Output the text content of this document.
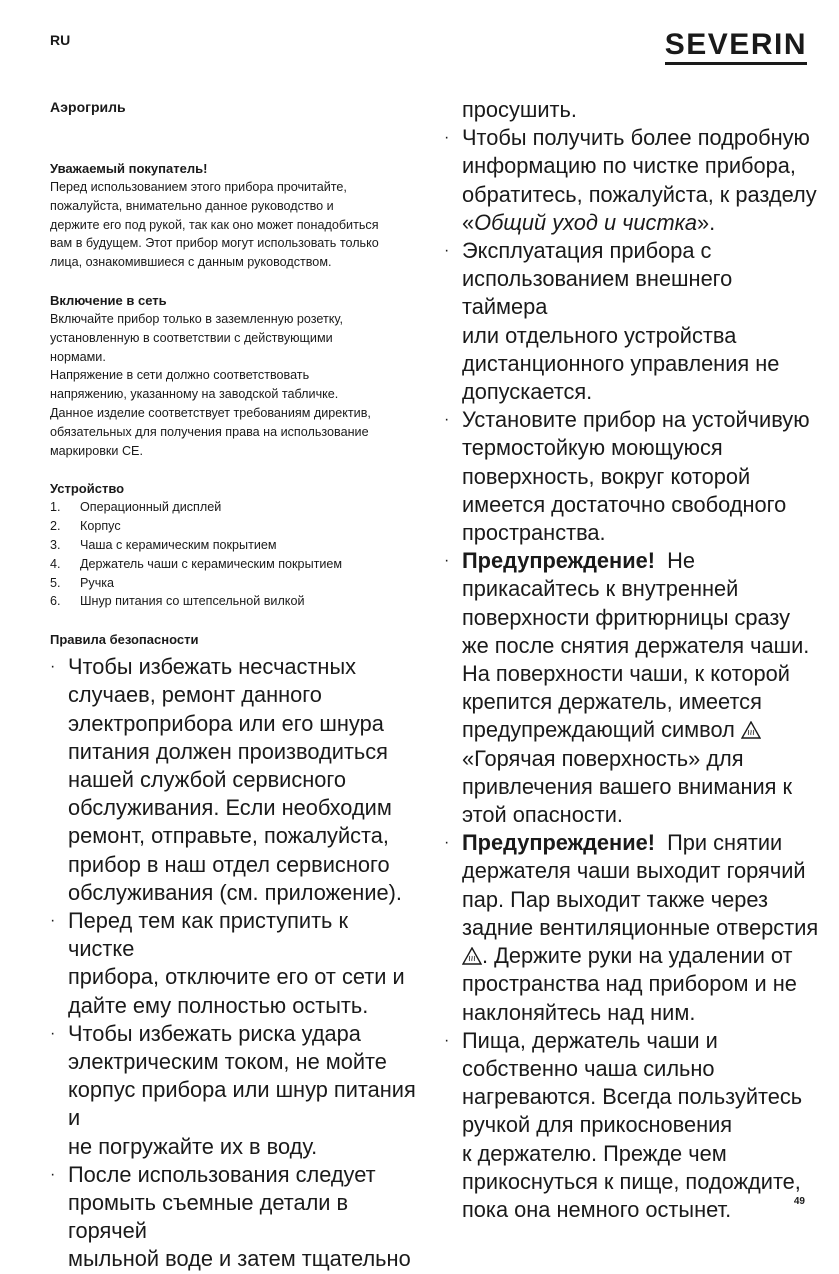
RU	SEVERIN
Аэрогриль
Уважаемый покупатель!
Перед использованием этого прибора прочитайте,
пожалуйста, внимательно данное руководство и
держите его под рукой, так как оно может понадобиться
вам в будущем. Этот прибор могут использовать только
лица, ознакомившиеся с данным руководством.
Включение в сеть
Включайте прибор только в заземленную розетку,
установленную в соответствии с действующими
нормами.
Напряжение в сети должно соответствовать
напряжению, указанному на заводской табличке.
Данное изделие соответствует требованиям директив,
обязательных для получения права на использование
маркировки СЕ.
Устройство
1.	Операционный дисплей
2.	Корпус
3.	Чаша с керамическим покрытием
4.	Держатель чаши с керамическим покрытием
5.	Ручка
6.	Шнур питания со штепсельной вилкой
Правила безопасности
· Чтобы избежать несчастных
случаев, ремонт данного
электроприбора или его шнура
питания должен производиться
нашей службой сервисного
обслуживания. Если необходим
ремонт, отправьте, пожалуйста,
прибор в наш отдел сервисного
обслуживания (см. приложение).
· Перед тем как приступить к чистке
прибора, отключите его от сети и
дайте ему полностью остыть.
· Чтобы избежать риска удара
электрическим током, не мойте
корпус прибора или шнур питания и
не погружайте их в воду.
· После использования следует
промыть съемные детали в горячей
мыльной воде и затем тщательно
просушить.
· Чтобы получить более подробную
информацию по чистке прибора,
обратитесь, пожалуйста, к разделу
«Общий уход и чистка».
· Эксплуатация прибора с
использованием внешнего таймера
или отдельного устройства
дистанционного управления не
допускается.
· Установите прибор на устойчивую
термостойкую моющуюся
поверхность, вокруг которой
имеется достаточно свободного
пространства.
· Предупреждение! Не
прикасайтесь к внутренней
поверхности фритюрницы сразу
же после снятия держателя чаши.
На поверхности чаши, к которой
крепится держатель, имеется
предупреждающий символ
«Горячая поверхность» для
привлечения вашего внимания к
этой опасности.
· Предупреждение! При снятии
держателя чаши выходит горячий
пар. Пар выходит также через
задние вентиляционные отверстия
. Держите руки на удалении от
пространства над прибором и не
наклоняйтесь над ним.
· Пища, держатель чаши и
собственно чаша сильно
нагреваются. Всегда пользуйтесь
ручкой для прикосновения
к держателю. Прежде чем
прикоснуться к пище, подождите,
пока она немного остынет.	49
